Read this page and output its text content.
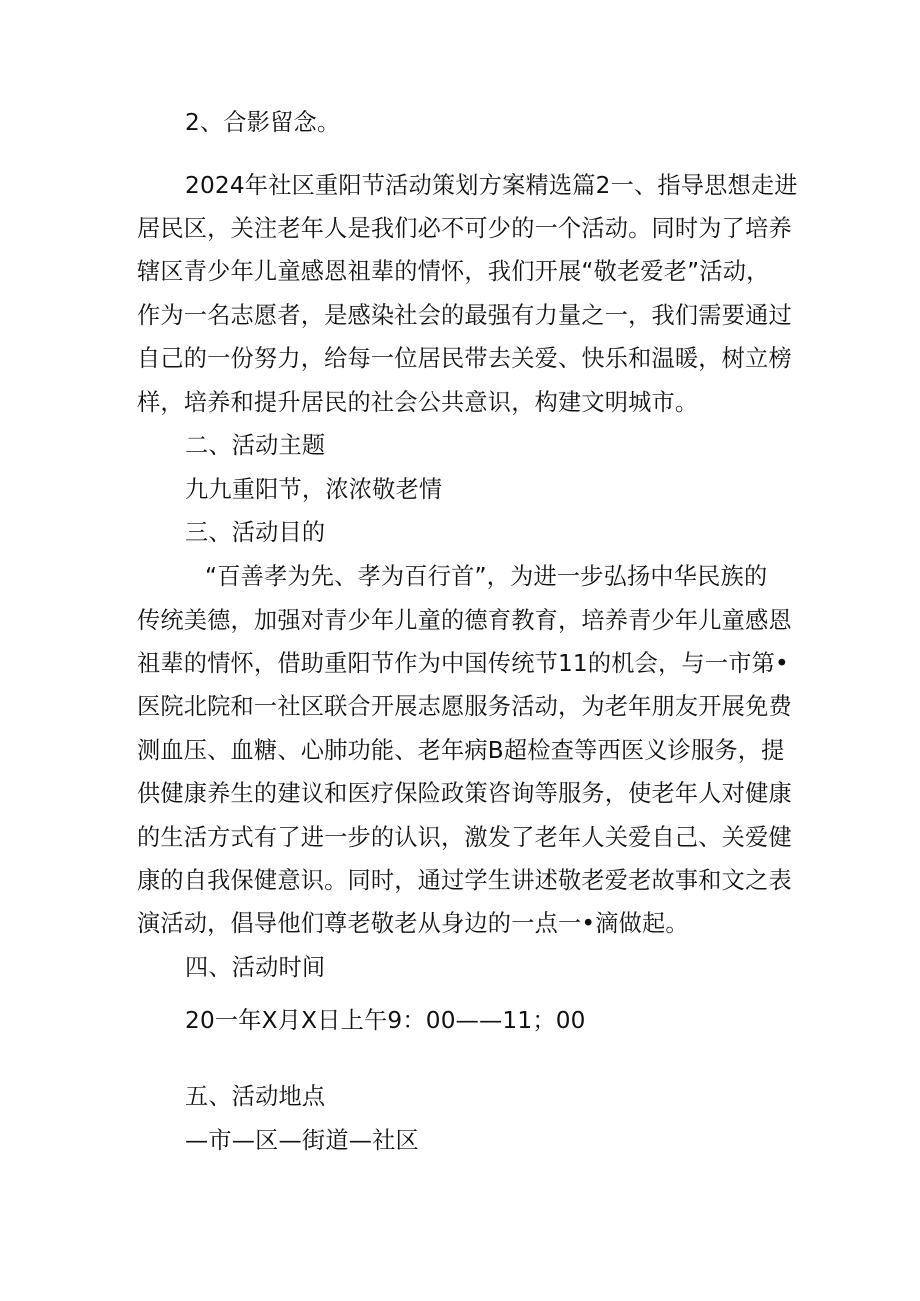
2、合影留念。
2024年社区重阳节活动策划方案精选篇2一、指导思想走进
居民区，关注老年人是我们必不可少的一个活动。同时为了培养
辖区青少年儿童感恩祖辈的情怀，我们开展“敬老爱老”活动，
作为一名志愿者，是感染社会的最强有力量之一，我们需要通过
自己的一份努力，给每一位居民带去关爱、快乐和温暖，树立榜
样，培养和提升居民的社会公共意识，构建文明城市。
二、活动主题
九九重阳节，浓浓敬老情
三、活动目的
“百善孝为先、孝为百行首”，为进一步弘扬中华民族的
传统美德，加强对青少年儿童的德育教育，培养青少年儿童感恩
祖辈的情怀，借助重阳节作为中国传统节11的机会，与一市第•
医院北院和一社区联合开展志愿服务活动，为老年朋友开展免费
测血压、血糖、心肺功能、老年病B超检查等西医义诊服务，提
供健康养生的建议和医疗保险政策咨询等服务，使老年人对健康
的生活方式有了进一步的认识，激发了老年人关爱自己、关爱健
康的自我保健意识。同时，通过学生讲述敬老爱老故事和文之表
演活动，倡导他们尊老敬老从身边的一点一•滴做起。
四、活动时间
20一年X月X日上午9：00——11；00
五、活动地点
—市—区—街道—社区
